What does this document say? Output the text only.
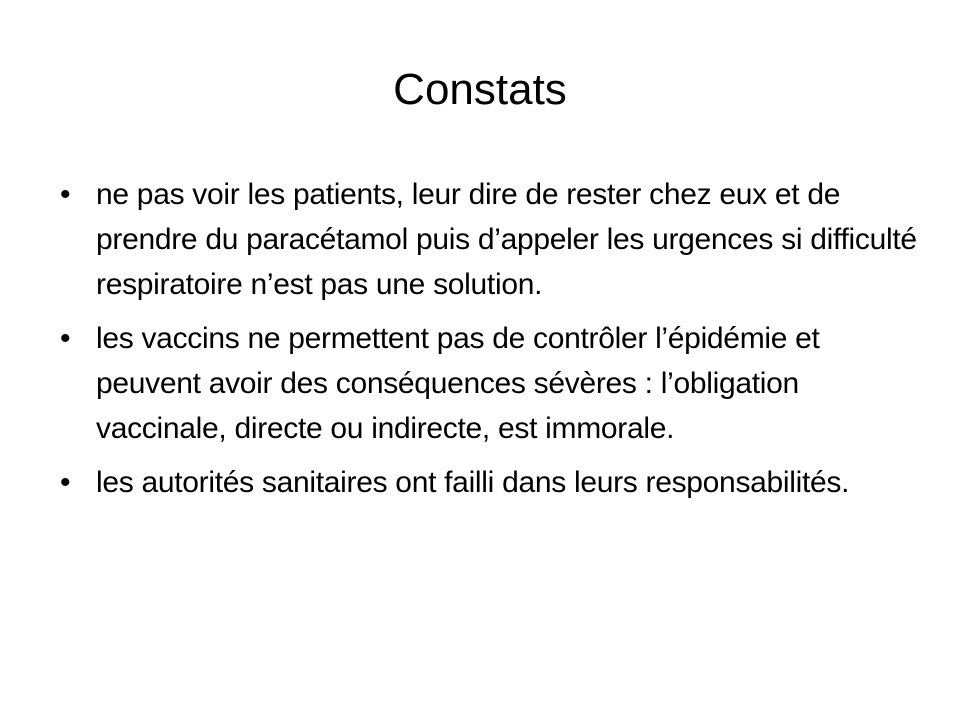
Constats
• ne pas voir les patients, leur dire de rester chez eux et de prendre du paracétamol puis d’appeler les urgences si difficulté respiratoire n’est pas une solution.
• les vaccins ne permettent pas de contrôler l’épidémie et peuvent avoir des conséquences sévères : l’obligation vaccinale, directe ou indirecte, est immorale.
• les autorités sanitaires ont failli dans leurs responsabilités.
